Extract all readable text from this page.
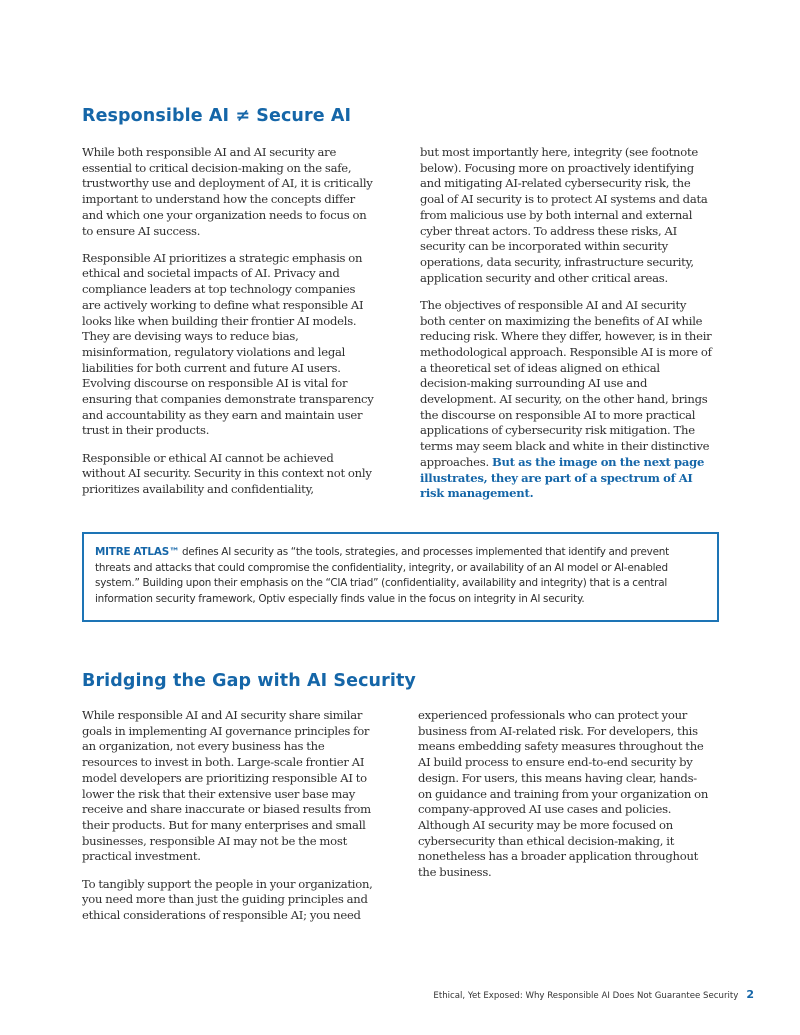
Responsible AI ≠ Secure AI

While both responsible AI and AI security are essential to critical decision-making on the safe, trustworthy use and deployment of AI, it is critically important to understand how the concepts differ and which one your organization needs to focus on to ensure AI success.

Responsible AI prioritizes a strategic emphasis on ethical and societal impacts of AI. Privacy and compliance leaders at top technology companies are actively working to define what responsible AI looks like when building their frontier AI models. They are devising ways to reduce bias, misinformation, regulatory violations and legal liabilities for both current and future AI users. Evolving discourse on responsible AI is vital for ensuring that companies demonstrate transparency and accountability as they earn and maintain user trust in their products.

Responsible or ethical AI cannot be achieved without AI security. Security in this context not only prioritizes availability and confidentiality,

but most importantly here, integrity (see footnote below). Focusing more on proactively identifying and mitigating AI-related cybersecurity risk, the goal of AI security is to protect AI systems and data from malicious use by both internal and external cyber threat actors. To address these risks, AI security can be incorporated within security operations, data security, infrastructure security, application security and other critical areas.

The objectives of responsible AI and AI security both center on maximizing the benefits of AI while reducing risk. Where they differ, however, is in their methodological approach. Responsible AI is more of a theoretical set of ideas aligned on ethical decision-making surrounding AI use and development. AI security, on the other hand, brings the discourse on responsible AI to more practical applications of cybersecurity risk mitigation. The terms may seem black and white in their distinctive approaches. But as the image on the next page illustrates, they are part of a spectrum of AI risk management.

MITRE ATLAS™ defines AI security as “the tools, strategies, and processes implemented that identify and prevent threats and attacks that could compromise the confidentiality, integrity, or availability of an AI model or AI-enabled system.” Building upon their emphasis on the “CIA triad” (confidentiality, availability and integrity) that is a central information security framework, Optiv especially finds value in the focus on integrity in AI security.

Bridging the Gap with AI Security

While responsible AI and AI security share similar goals in implementing AI governance principles for an organization, not every business has the resources to invest in both. Large-scale frontier AI model developers are prioritizing responsible AI to lower the risk that their extensive user base may receive and share inaccurate or biased results from their products. But for many enterprises and small businesses, responsible AI may not be the most practical investment.

To tangibly support the people in your organization, you need more than just the guiding principles and ethical considerations of responsible AI; you need

experienced professionals who can protect your business from AI-related risk. For developers, this means embedding safety measures throughout the AI build process to ensure end-to-end security by design. For users, this means having clear, hands-on guidance and training from your organization on company-approved AI use cases and policies. Although AI security may be more focused on cybersecurity than ethical decision-making, it nonetheless has a broader application throughout the business.

Ethical, Yet Exposed: Why Responsible AI Does Not Guarantee Security 2
